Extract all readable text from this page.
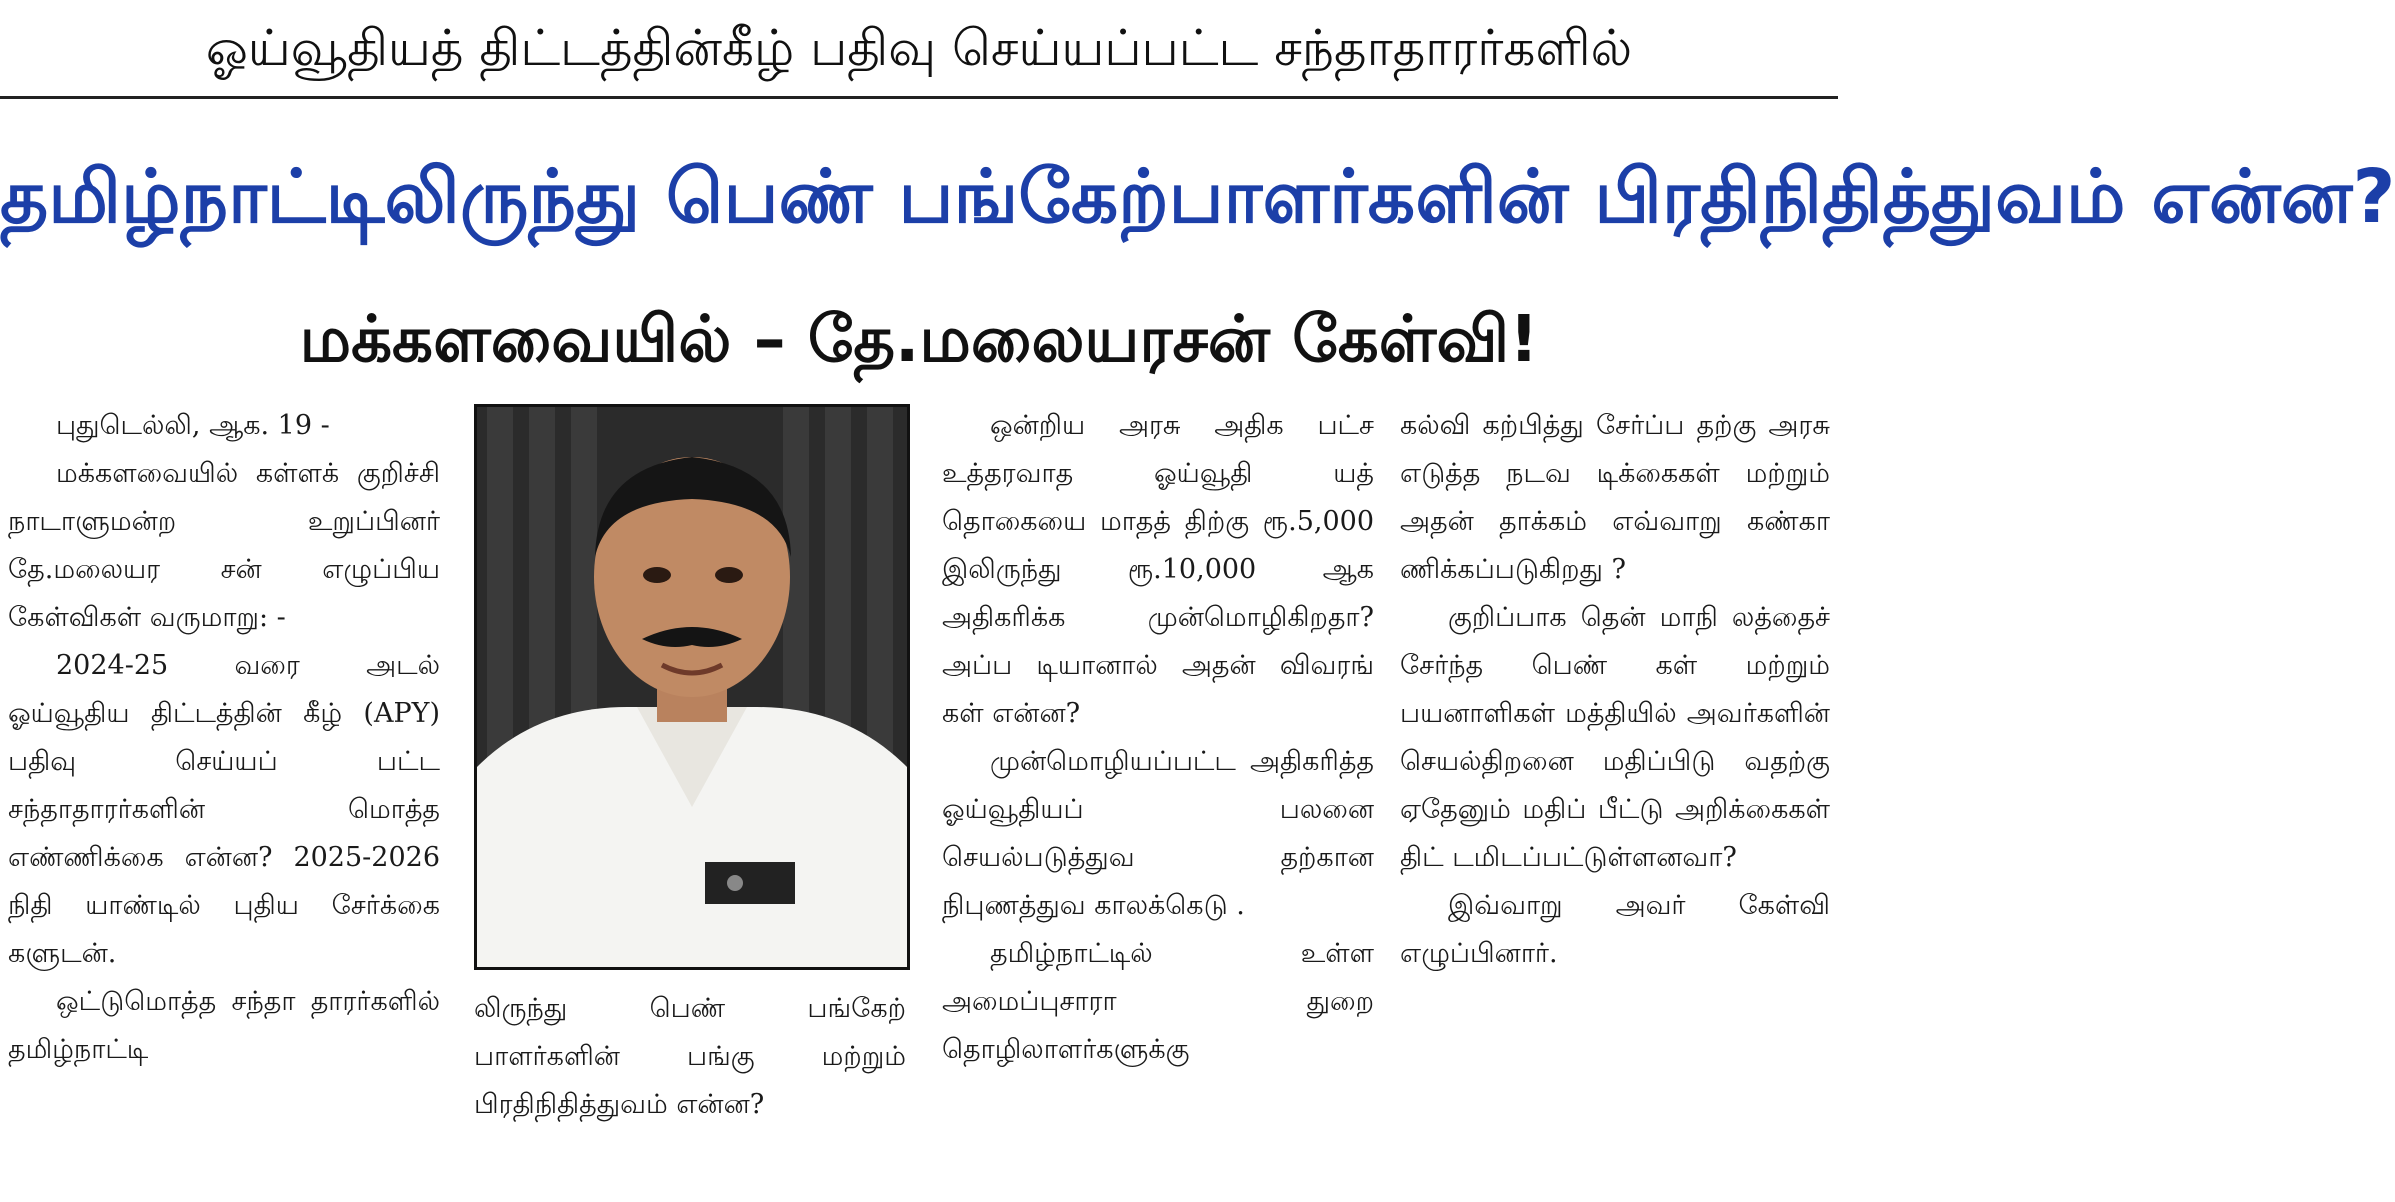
ஓய்வூதியத் திட்டத்தின்கீழ் பதிவு செய்யப்பட்ட சந்தாதாரர்களில்
தமிழ்நாட்டிலிருந்து பெண் பங்கேற்பாளர்களின் பிரதிநிதித்துவம் என்ன?
மக்களவையில் – தே.மலையரசன் கேள்வி!

புதுடெல்லி, ஆக. 19 -

மக்களவையில் கள்ளக் குறிச்சி நாடாளுமன்ற உறுப்பினர் தே.மலையர சன் எழுப்பிய கேள்விகள் வருமாறு: -

2024-25 வரை அடல் ஓய்வூதிய திட்டத்தின் கீழ் (APY) பதிவு செய்யப் பட்ட சந்தாதாரர்களின் மொத்த எண்ணிக்கை என்ன? 2025-2026 நிதி யாண்டில் புதிய சேர்க்கை களுடன்.

ஒட்டுமொத்த சந்தா தாரர்களில் தமிழ்நாட்டி

லிருந்து பெண் பங்கேற் பாளர்களின் பங்கு மற்றும் பிரதிநிதித்துவம் என்ன?

ஒன்றிய அரசு அதிக பட்ச உத்தரவாத ஓய்வூதி யத் தொகையை மாதத் திற்கு ரூ.5,000 இலிருந்து ரூ.10,000 ஆக அதிகரிக்க முன்மொழிகிறதா? அப்ப டியானால் அதன் விவரங் கள் என்ன?

முன்மொழியப்பட்ட அதிகரித்த ஓய்வூதியப் பலனை செயல்படுத்துவ தற்கான நிபுணத்துவ காலக்கெடு .

தமிழ்நாட்டில் உள்ள அமைப்புசாரா துறை தொழிலாளர்களுக்கு

கல்வி கற்பித்து சேர்ப்ப தற்கு அரசு எடுத்த நடவ டிக்கைகள் மற்றும் அதன் தாக்கம் எவ்வாறு கண்கா ணிக்கப்படுகிறது ?

குறிப்பாக தென் மாநி லத்தைச் சேர்ந்த பெண் கள் மற்றும் பயனாளிகள் மத்தியில் அவர்களின் செயல்திறனை மதிப்பிடு வதற்கு ஏதேனும் மதிப் பீட்டு அறிக்கைகள் திட் டமிடப்பட்டுள்ளனவா?

இவ்வாறு அவர் கேள்வி எழுப்பினார்.
